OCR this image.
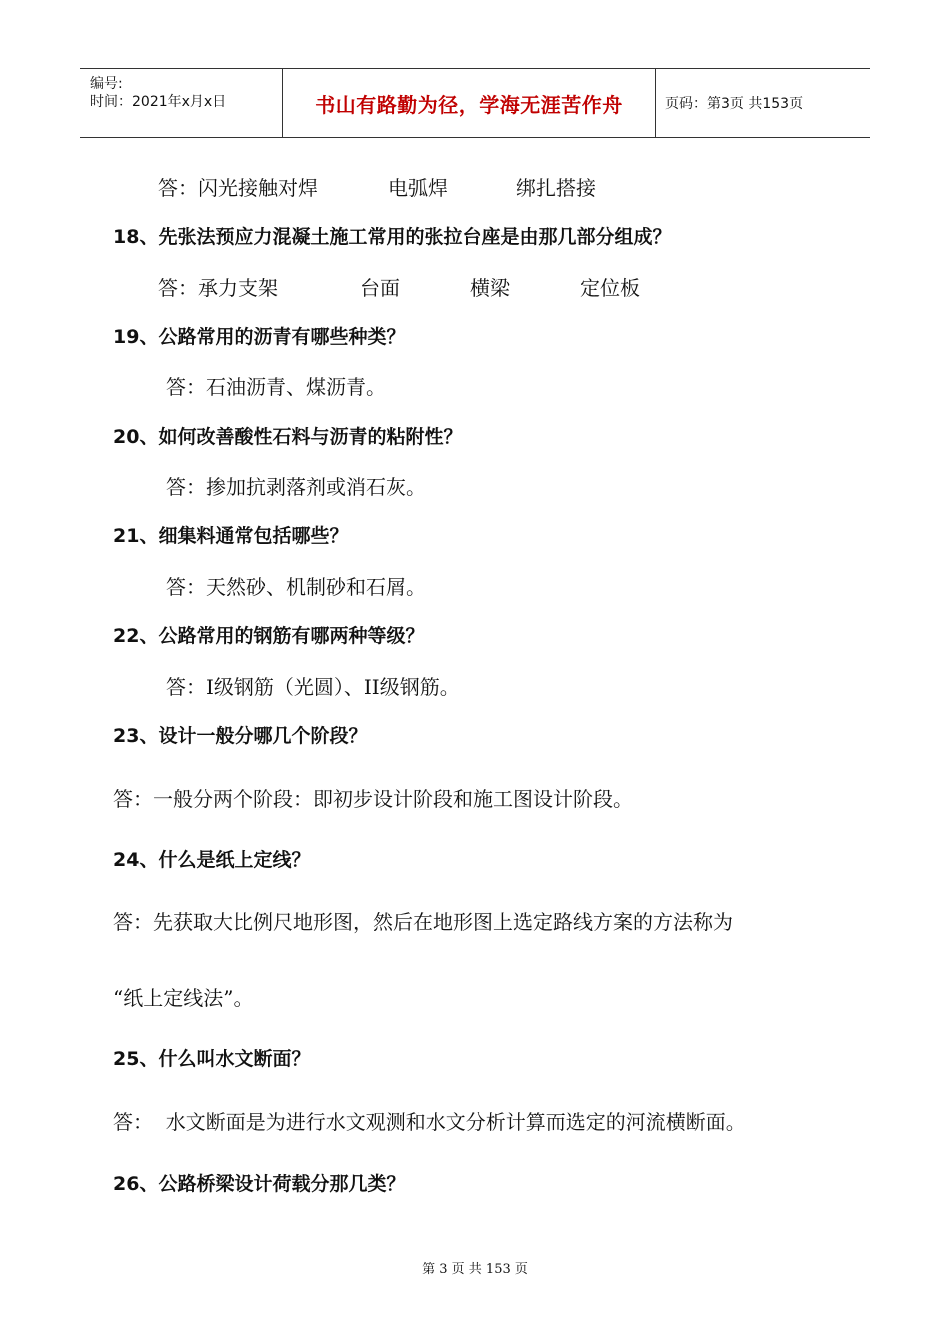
编号:
时间：2021年x月x日	书山有路勤为径，学海无涯苦作舟	页码：第3页 共153页
答：闪光接触对焊	电弧焊	绑扎搭接
18、先张法预应力混凝土施工常用的张拉台座是由那几部分组成？
答：承力支架	台面	横梁	定位板
19、公路常用的沥青有哪些种类？
答：石油沥青、煤沥青。
20、如何改善酸性石料与沥青的粘附性？
答：掺加抗剥落剂或消石灰。
21、细集料通常包括哪些？
答：天然砂、机制砂和石屑。
22、公路常用的钢筋有哪两种等级？
答：I级钢筋（光圆）、II级钢筋。
23、设计一般分哪几个阶段？
答：一般分两个阶段：即初步设计阶段和施工图设计阶段。
24、什么是纸上定线？
答：先获取大比例尺地形图，然后在地形图上选定路线方案的方法称为
“纸上定线法”。
25、什么叫水文断面？
答：  水文断面是为进行水文观测和水文分析计算而选定的河流横断面。
26、公路桥梁设计荷载分那几类？
第 3 页 共 153 页
